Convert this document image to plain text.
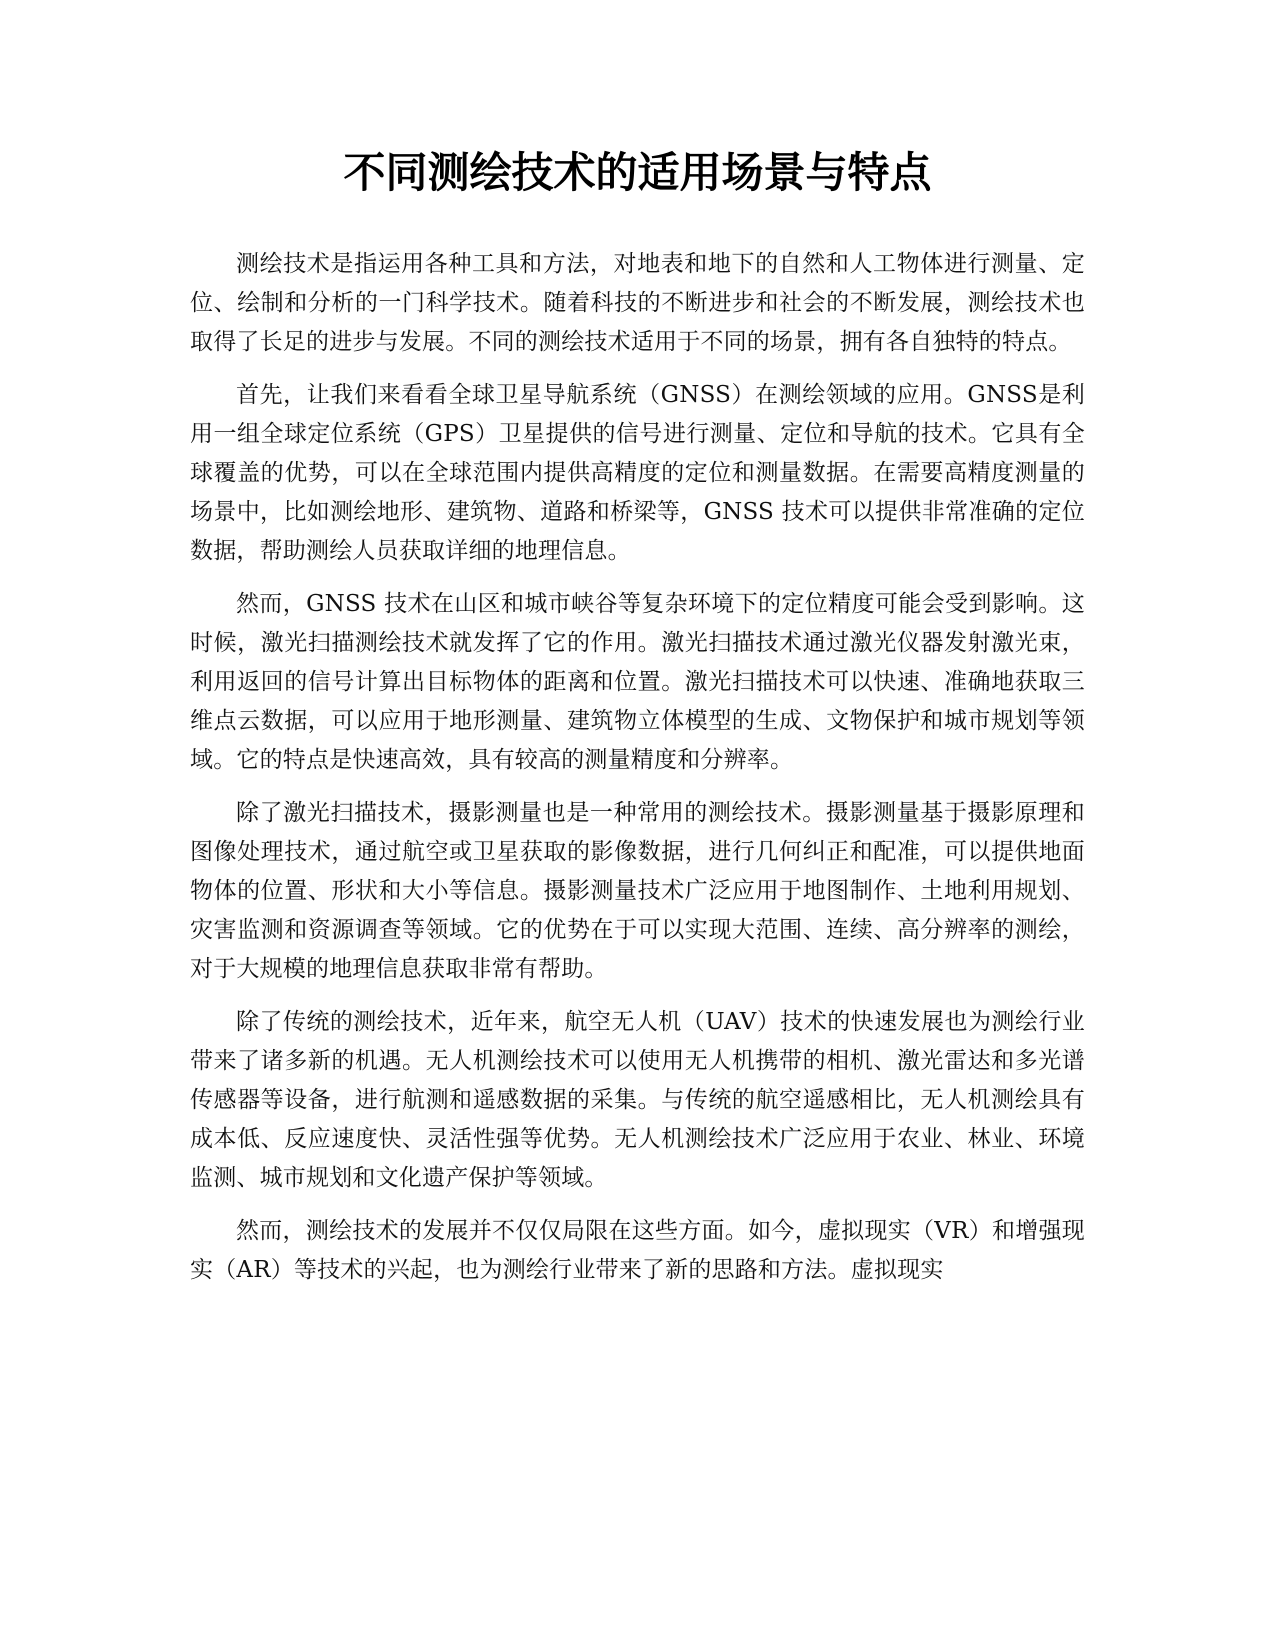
不同测绘技术的适用场景与特点

测绘技术是指运用各种工具和方法，对地表和地下的自然和人工物体进行测量、定位、绘制和分析的一门科学技术。随着科技的不断进步和社会的不断发展，测绘技术也取得了长足的进步与发展。不同的测绘技术适用于不同的场景，拥有各自独特的特点。

首先，让我们来看看全球卫星导航系统（GNSS）在测绘领域的应用。GNSS是利用一组全球定位系统（GPS）卫星提供的信号进行测量、定位和导航的技术。它具有全球覆盖的优势，可以在全球范围内提供高精度的定位和测量数据。在需要高精度测量的场景中，比如测绘地形、建筑物、道路和桥梁等，GNSS 技术可以提供非常准确的定位数据，帮助测绘人员获取详细的地理信息。

然而，GNSS 技术在山区和城市峡谷等复杂环境下的定位精度可能会受到影响。这时候，激光扫描测绘技术就发挥了它的作用。激光扫描技术通过激光仪器发射激光束，利用返回的信号计算出目标物体的距离和位置。激光扫描技术可以快速、准确地获取三维点云数据，可以应用于地形测量、建筑物立体模型的生成、文物保护和城市规划等领域。它的特点是快速高效，具有较高的测量精度和分辨率。

除了激光扫描技术，摄影测量也是一种常用的测绘技术。摄影测量基于摄影原理和图像处理技术，通过航空或卫星获取的影像数据，进行几何纠正和配准，可以提供地面物体的位置、形状和大小等信息。摄影测量技术广泛应用于地图制作、土地利用规划、灾害监测和资源调查等领域。它的优势在于可以实现大范围、连续、高分辨率的测绘，对于大规模的地理信息获取非常有帮助。

除了传统的测绘技术，近年来，航空无人机（UAV）技术的快速发展也为测绘行业带来了诸多新的机遇。无人机测绘技术可以使用无人机携带的相机、激光雷达和多光谱传感器等设备，进行航测和遥感数据的采集。与传统的航空遥感相比，无人机测绘具有成本低、反应速度快、灵活性强等优势。无人机测绘技术广泛应用于农业、林业、环境监测、城市规划和文化遗产保护等领域。

然而，测绘技术的发展并不仅仅局限在这些方面。如今，虚拟现实（VR）和增强现实（AR）等技术的兴起，也为测绘行业带来了新的思路和方法。虚拟现实
